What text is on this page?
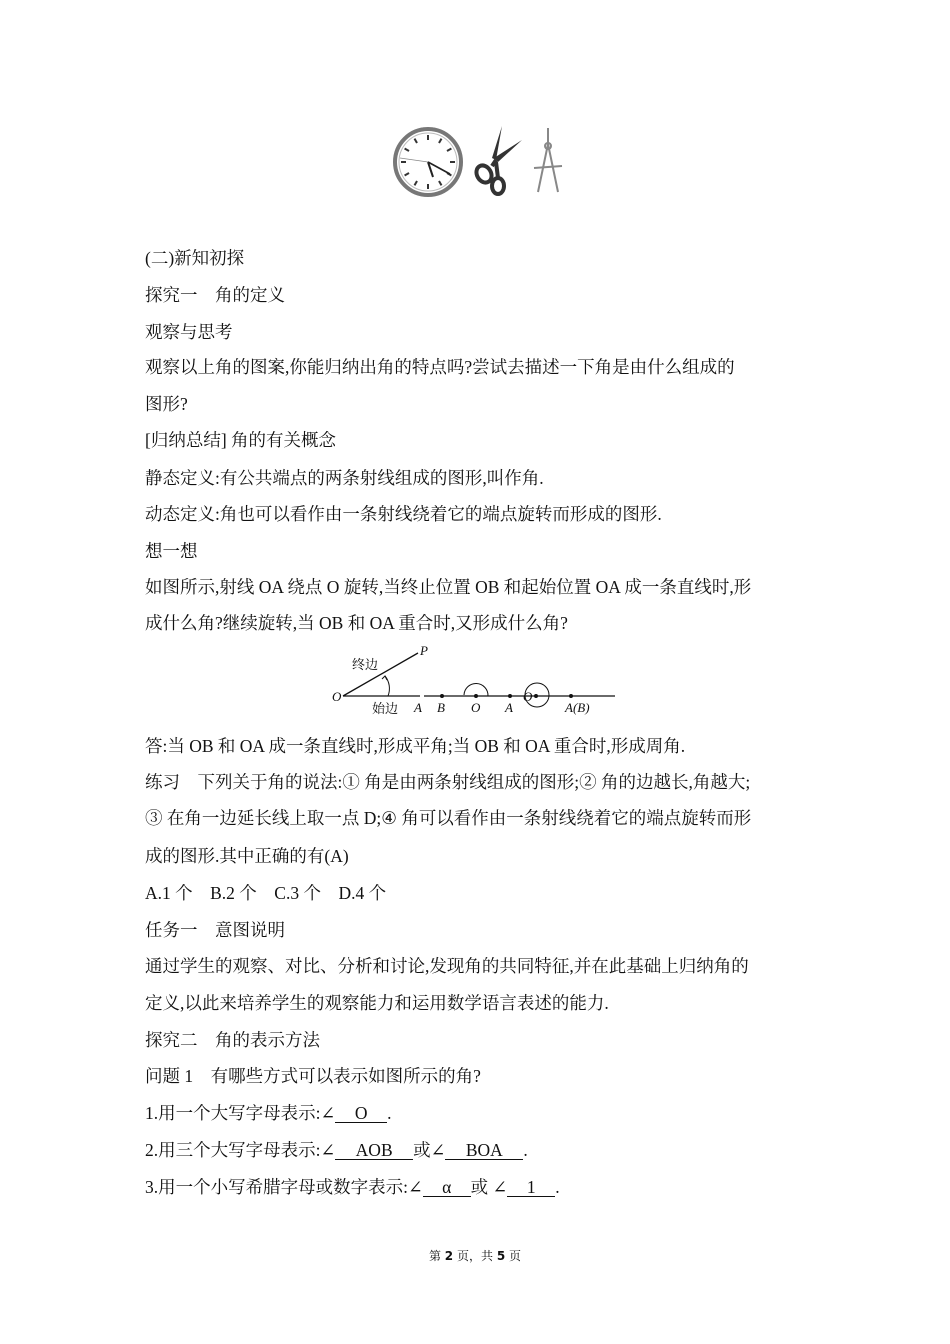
(二)新知初探
探究一　角的定义
观察与思考
观察以上角的图案,你能归纳出角的特点吗?尝试去描述一下角是由什么组成的
图形?
[归纳总结] 角的有关概念
静态定义:有公共端点的两条射线组成的图形,叫作角.
动态定义:角也可以看作由一条射线绕着它的端点旋转而形成的图形.
想一想
如图所示,射线 OA 绕点 O 旋转,当终止位置 OB 和起始位置 OA 成一条直线时,形
成什么角?继续旋转,当 OB 和 OA 重合时,又形成什么角?
O
P
终边
始边 A B O A
O
A(B)
答:当 OB 和 OA 成一条直线时,形成平角;当 OB 和 OA 重合时,形成周角.
练习　下列关于角的说法:① 角是由两条射线组成的图形;② 角的边越长,角越大;
③ 在角一边延长线上取一点 D;④ 角可以看作由一条射线绕着它的端点旋转而形
成的图形.其中正确的有(A)
A.1 个　B.2 个　C.3 个　D.4 个
任务一　意图说明
通过学生的观察、对比、分析和讨论,发现角的共同特征,并在此基础上归纳角的
定义,以此来培养学生的观察能力和运用数学语言表述的能力.
探究二　角的表示方法
问题 1　有哪些方式可以表示如图所示的角?
1.用一个大写字母表示:∠ O .
2.用三个大写字母表示:∠ AOB 或∠ BOA .
3.用一个小写希腊字母或数字表示:∠ α 或 ∠ 1 .
第 2 页，共 5 页
